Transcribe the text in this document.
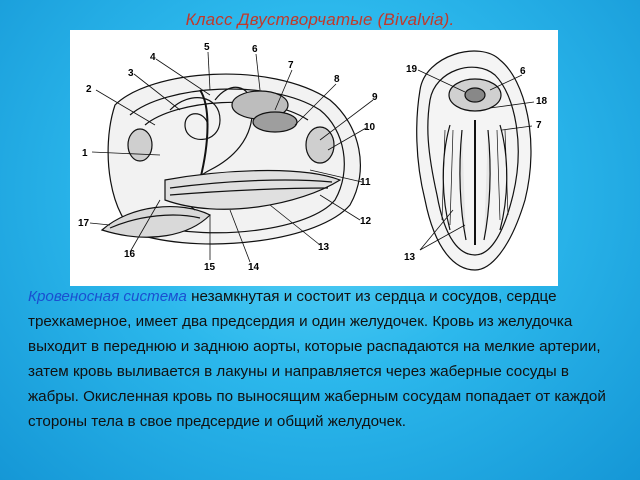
Класс Двустворчатые (Bivalvia).
1
2
3
4
5	6
7
8
9
10
11
12
13
14
15
16
17
19	6
18
7
13
Кровеносная система незамкнутая и состоит из сердца и сосудов, сердце трехкамерное, имеет два предсердия и один желудочек. Кровь из желудочка выходит в переднюю и заднюю аорты, которые распадаются на мелкие артерии, затем кровь выливается в лакуны и направляется через жаберные сосуды в жабры. Окисленная кровь по выносящим жаберным сосудам попадает от каждой стороны тела в свое предсердие и общий желудочек.
